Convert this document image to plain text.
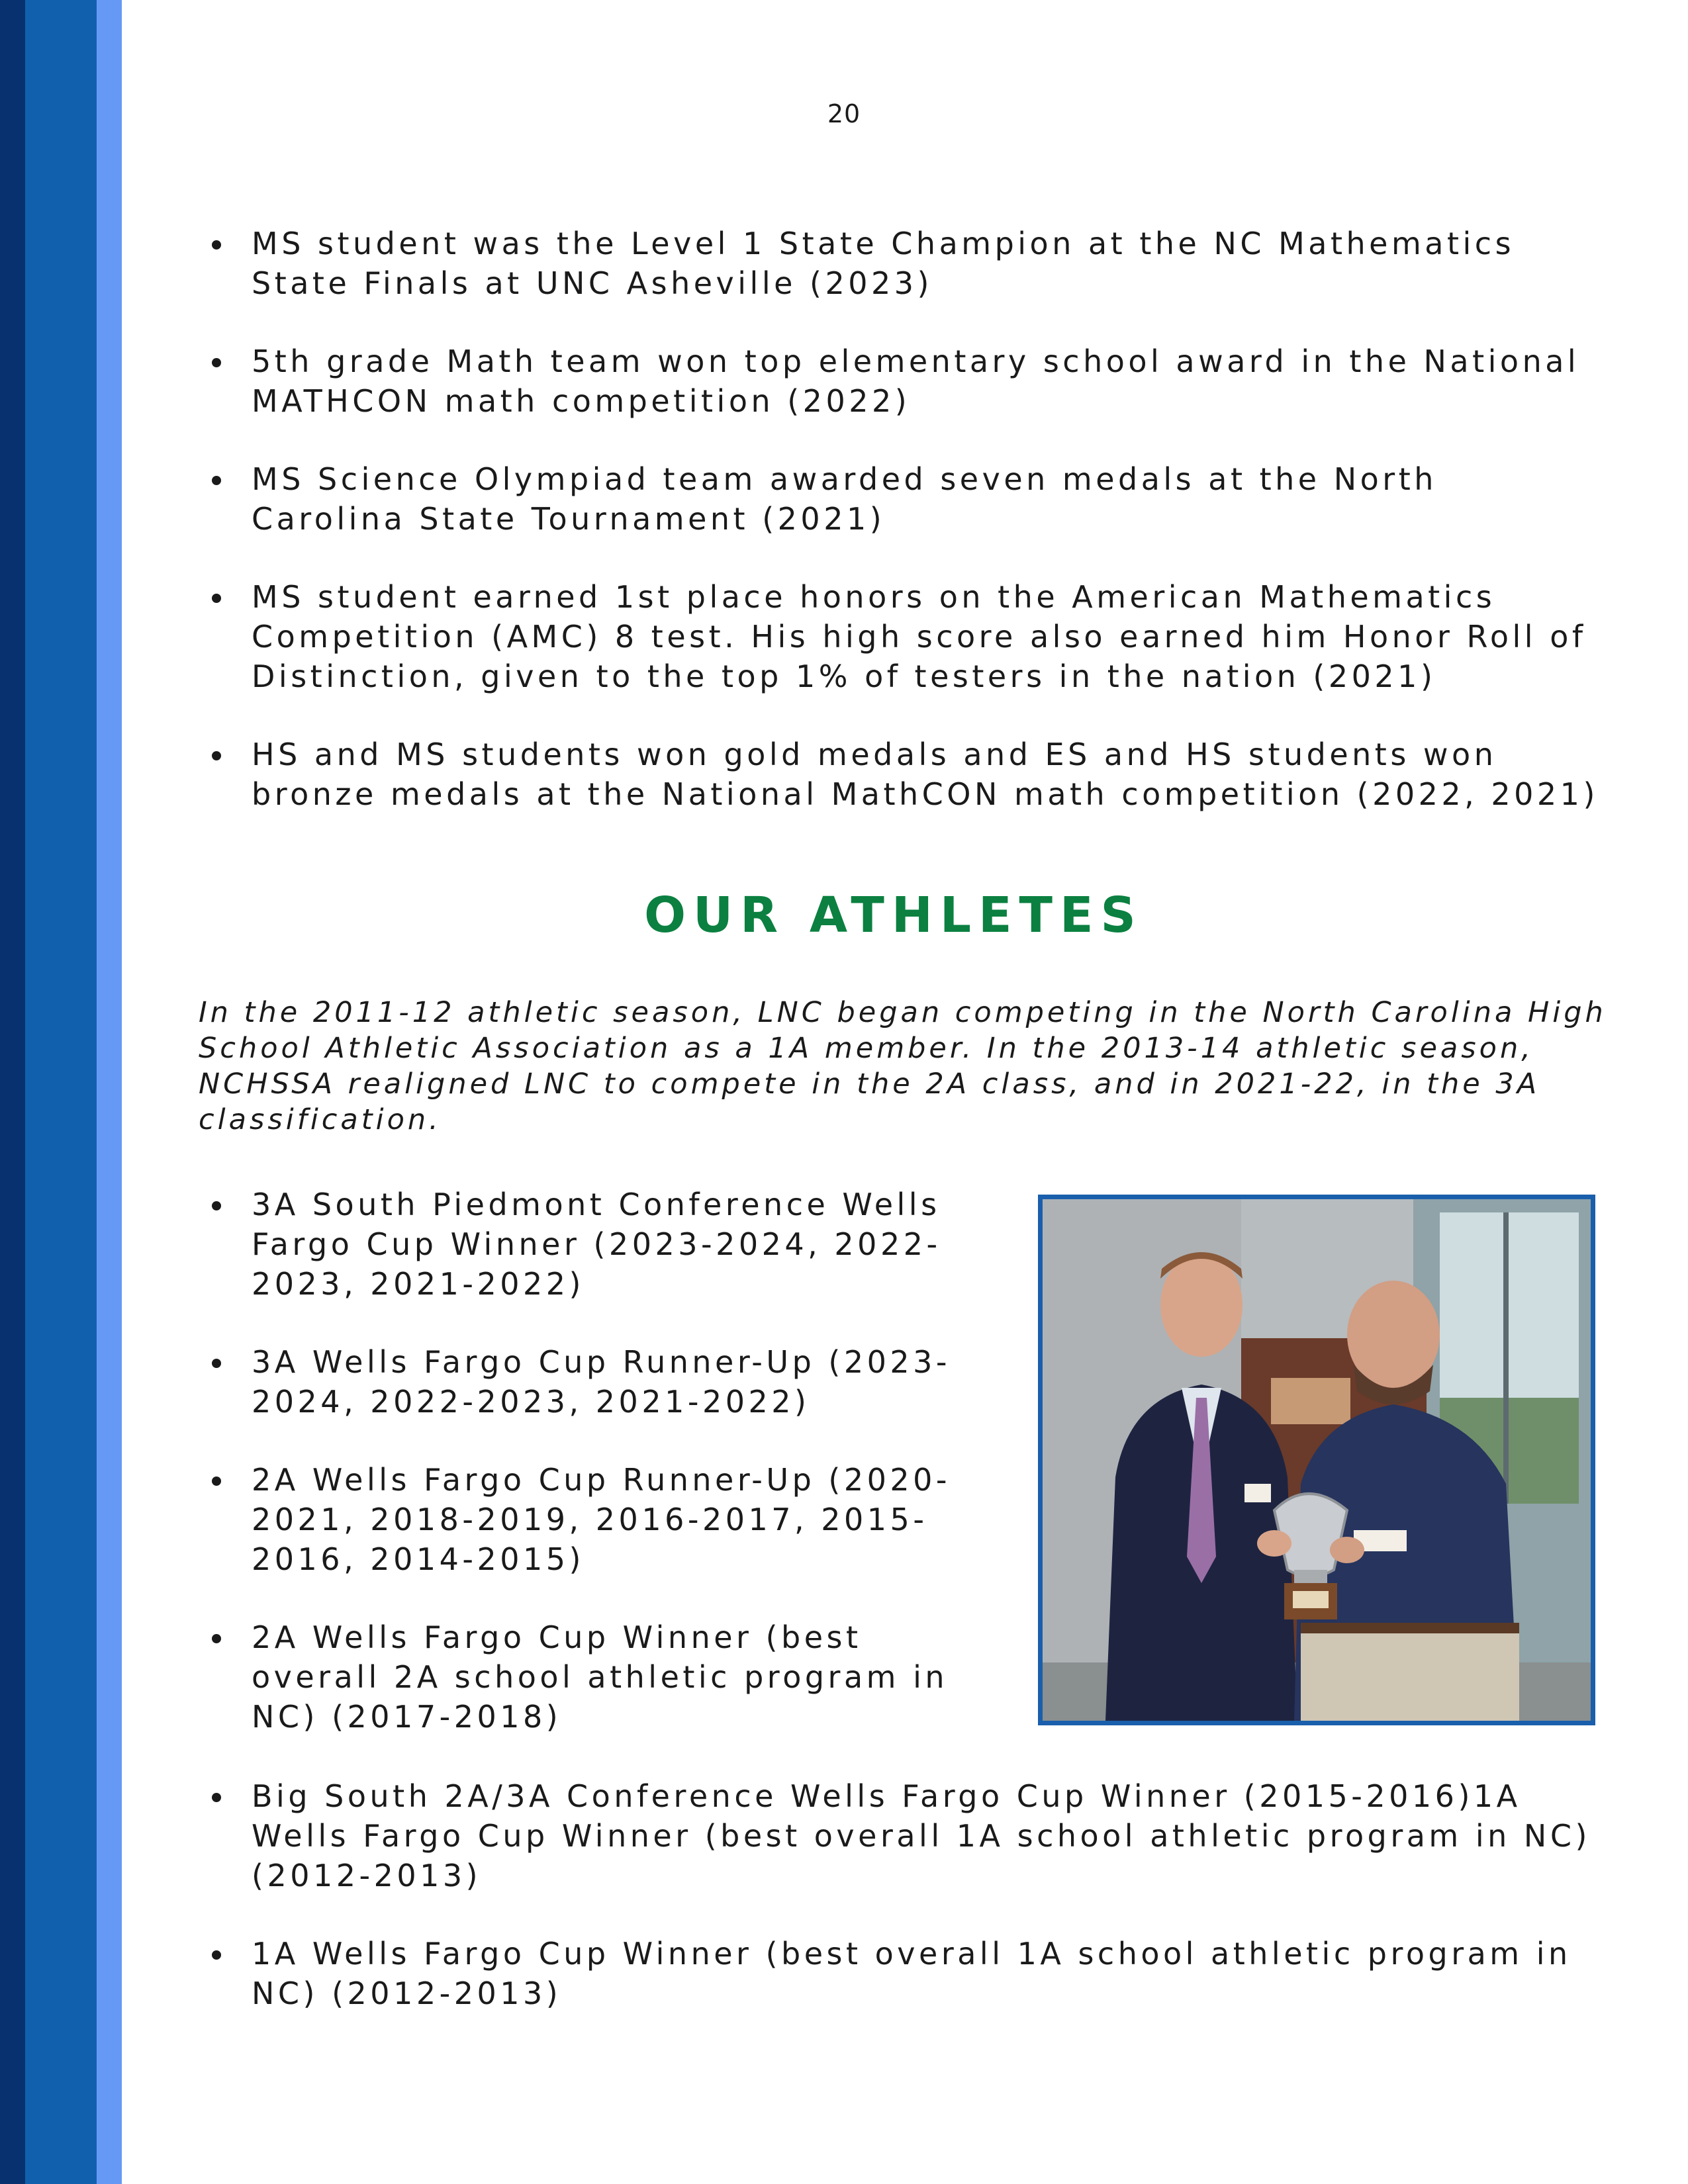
20
MS student was the Level 1 State Champion at the NC Mathematics State Finals at UNC Asheville (2023)
5th grade Math team won top elementary school award in the National MATHCON math competition (2022)
MS Science Olympiad team awarded seven medals at the North Carolina State Tournament (2021)
MS student earned 1st place honors on the American Mathematics Competition (AMC) 8 test. His high score also earned him Honor Roll of Distinction, given to the top 1% of testers in the nation (2021)
HS and MS students won gold medals and ES and HS students won bronze medals at the National MathCON math competition (2022, 2021)
OUR ATHLETES
In the 2011-12 athletic season, LNC began competing in the North Carolina High School Athletic Association as a 1A member. In the 2013-14 athletic season, NCHSSA realigned LNC to compete in the 2A class, and in 2021-22, in the 3A classification.
3A South Piedmont Conference Wells Fargo Cup Winner (2023-2024, 2022-2023, 2021-2022)
3A Wells Fargo Cup Runner-Up (2023-2024, 2022-2023, 2021-2022)
2A Wells Fargo Cup Runner-Up (2020-2021, 2018-2019, 2016-2017, 2015-2016, 2014-2015)
2A Wells Fargo Cup Winner (best overall 2A school athletic program in NC) (2017-2018)
Big South 2A/3A Conference Wells Fargo Cup Winner (2015-2016)1A Wells Fargo Cup Winner (best overall 1A school athletic program in NC) (2012-2013)
1A Wells Fargo Cup Winner (best overall 1A school athletic program in NC) (2012-2013)
